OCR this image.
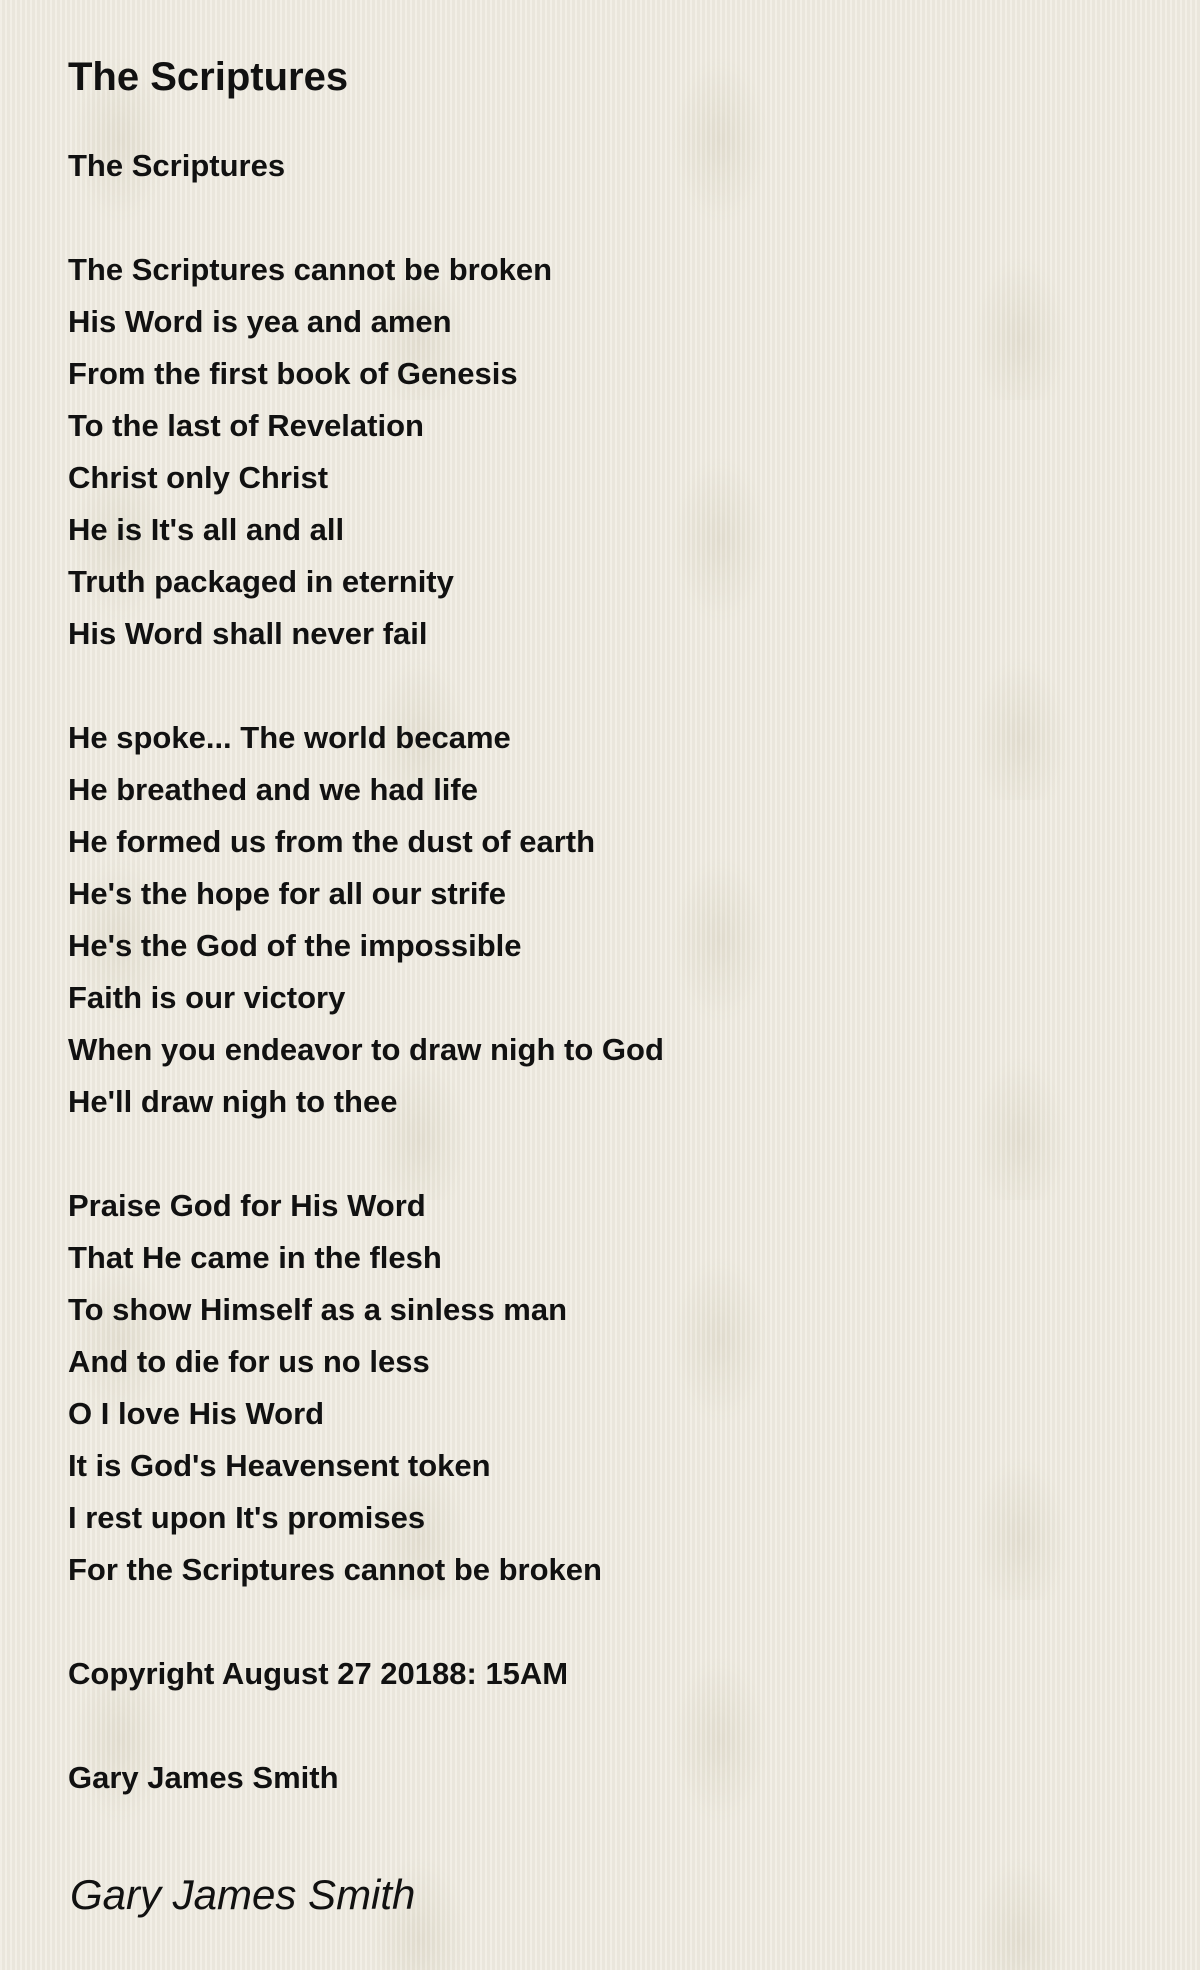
The Scriptures
The Scriptures
The Scriptures cannot be broken
His Word is yea and amen
From the first book of Genesis
To the last of Revelation
Christ only Christ
He is It's all and all
Truth packaged in eternity
His Word shall never fail
He spoke... The world became
He breathed and we had life
He formed us from the dust of earth
He's the hope for all our strife
He's the God of the impossible
Faith is our victory
When you endeavor to draw nigh to God
He'll draw nigh to thee
Praise God for His Word
That He came in the flesh
To show Himself as a sinless man
And to die for us no less
O I love His Word
It is God's Heavensent token
I rest upon It's promises
For the Scriptures cannot be broken
Copyright August 27 20188: 15AM
Gary James Smith
Gary James Smith
